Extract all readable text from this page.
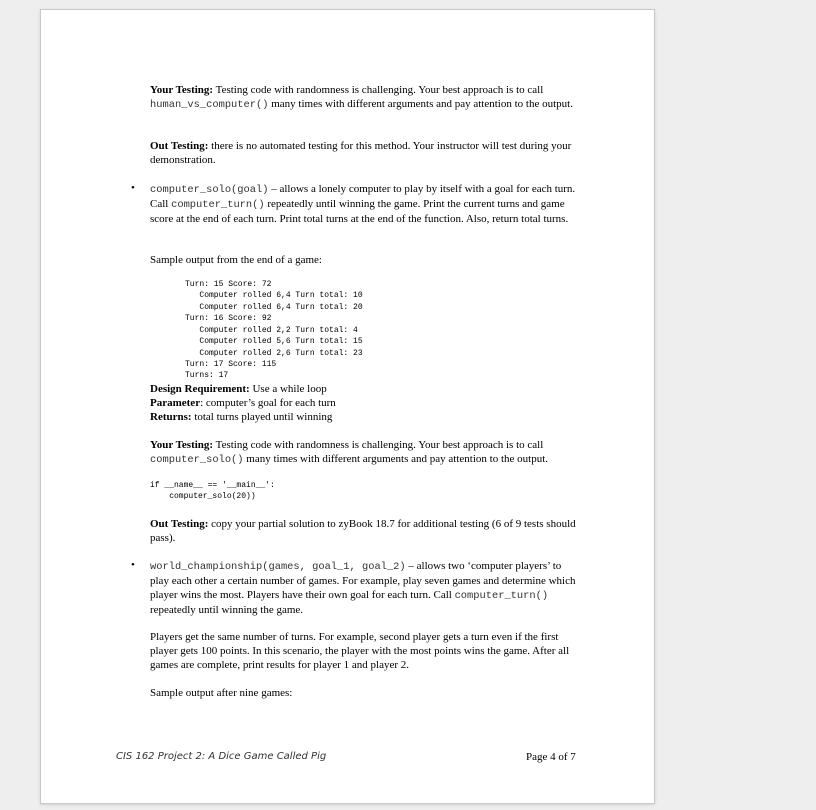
Your Testing: Testing code with randomness is challenging. Your best approach is to call human_vs_computer() many times with different arguments and pay attention to the output.

Out Testing: there is no automated testing for this method. Your instructor will test during your demonstration.

• computer_solo(goal) – allows a lonely computer to play by itself with a goal for each turn. Call computer_turn() repeatedly until winning the game. Print the current turns and game score at the end of each turn. Print total turns at the end of the function. Also, return total turns.

Sample output from the end of a game:

Turn: 15 Score: 72
Computer rolled 6,4 Turn total: 10
Computer rolled 6,4 Turn total: 20
Turn: 16 Score: 92
Computer rolled 2,2 Turn total: 4
Computer rolled 5,6 Turn total: 15
Computer rolled 2,6 Turn total: 23
Turn: 17 Score: 115
Turns: 17

Design Requirement: Use a while loop

Parameter: computer’s goal for each turn

Returns: total turns played until winning

Your Testing: Testing code with randomness is challenging. Your best approach is to call computer_solo() many times with different arguments and pay attention to the output.

if __name__ == '__main__':
computer_solo(20))

Out Testing: copy your partial solution to zyBook 18.7 for additional testing (6 of 9 tests should pass).

• world_championship(games, goal_1, goal_2) – allows two ‘computer players’ to play each other a certain number of games. For example, play seven games and determine which player wins the most. Players have their own goal for each turn. Call computer_turn() repeatedly until winning the game.

Players get the same number of turns. For example, second player gets a turn even if the first player gets 100 points. In this scenario, the player with the most points wins the game. After all games are complete, print results for player 1 and player 2.

Sample output after nine games:

CIS 162 Project 2: A Dice Game Called Pig	Page 4 of 7
